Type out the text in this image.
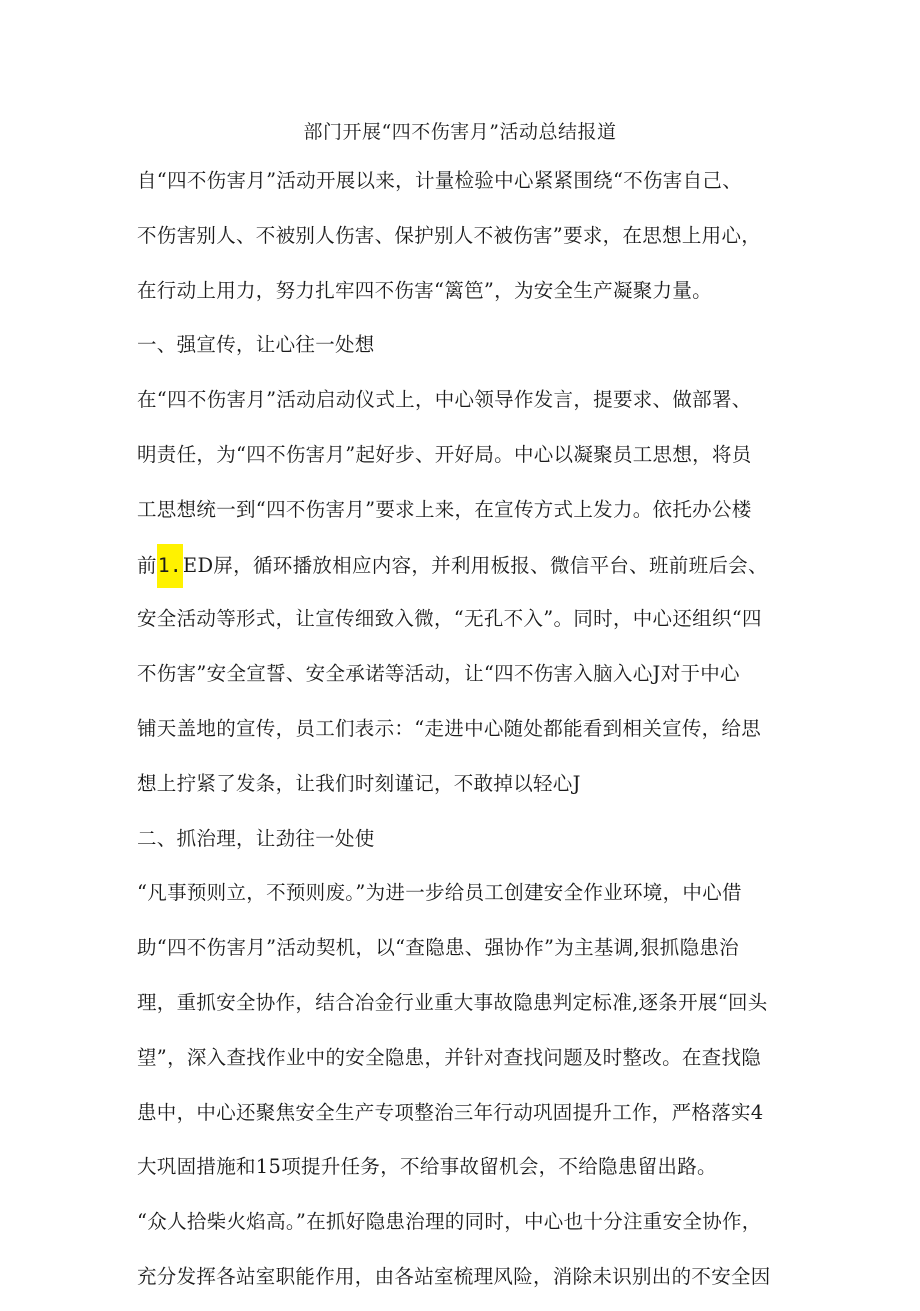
部门开展“四不伤害月”活动总结报道
自“四不伤害月”活动开展以来，计量检验中心紧紧围绕“不伤害自己、
不伤害别人、不被别人伤害、保护别人不被伤害”要求，在思想上用心，
在行动上用力，努力扎牢四不伤害“篱笆”，为安全生产凝聚力量。
一、强宣传，让心往一处想
在“四不伤害月”活动启动仪式上，中心领导作发言，提要求、做部署、
明责任，为“四不伤害月”起好步、开好局。中心以凝聚员工思想，将员
工思想统一到“四不伤害月”要求上来，在宣传方式上发力。依托办公楼
前1.ED屏，循环播放相应内容，并利用板报、微信平台、班前班后会、
安全活动等形式，让宣传细致入微，“无孔不入”。同时，中心还组织“四
不伤害”安全宣誓、安全承诺等活动，让“四不伤害入脑入心J对于中心
铺天盖地的宣传，员工们表示：“走进中心随处都能看到相关宣传，给思
想上拧紧了发条，让我们时刻谨记，不敢掉以轻心J
二、抓治理，让劲往一处使
“凡事预则立，不预则废。”为进一步给员工创建安全作业环境，中心借
助“四不伤害月”活动契机，以“查隐患、强协作”为主基调,狠抓隐患治
理，重抓安全协作，结合冶金行业重大事故隐患判定标准,逐条开展“回头
望”，深入查找作业中的安全隐患，并针对查找问题及时整改。在查找隐
患中，中心还聚焦安全生产专项整治三年行动巩固提升工作，严格落实4
大巩固措施和15项提升任务，不给事故留机会，不给隐患留出路。
“众人拾柴火焰高。”在抓好隐患治理的同时，中心也十分注重安全协作，
充分发挥各站室职能作用，由各站室梳理风险，消除未识别出的不安全因
